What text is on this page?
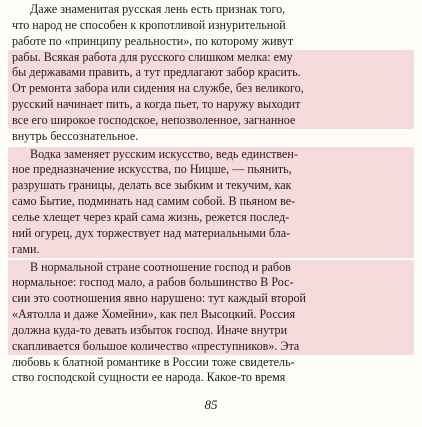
Даже знаменитая русская лень есть признак того,
что народ не способен к кропотливой изнурительной
работе по «принципу реальности», по которому живут
рабы. Всякая работа для русского слишком мелка: ему
бы державами править, а тут предлагают забор красить.
От ремонта забора или сидения на службе, без великого,
русский начинает пить, а когда пьет, то наружу выходит
все его широкое господское, непозволенное, загнанное
внутрь бессознательное.

Водка заменяет русским искусство, ведь единствен-
ное предназначение искусства, по Ницше, — пьянить,
разрушать границы, делать все зыбким и текучим, как
само Бытие, подминать над самим собой. В пьяном ве-
селье хлещет через край сама жизнь, режется послед-
ний огурец, дух торжествует над материальными бла-
гами.

В нормальной стране соотношение господ и рабов
нормальное: господ мало, а рабов большинство В Рос-
сии это соотношения явно нарушено: тут каждый второй
«Аятолла и даже Хомейни», как пел Высоцкий. Россия
должна куда-то девать избыток господ. Иначе внутри
скапливается большое количество «преступников». Эта
любовь к блатной романтике в России тоже свидетель-
ство господской сущности ее народа. Какое-то время

85
